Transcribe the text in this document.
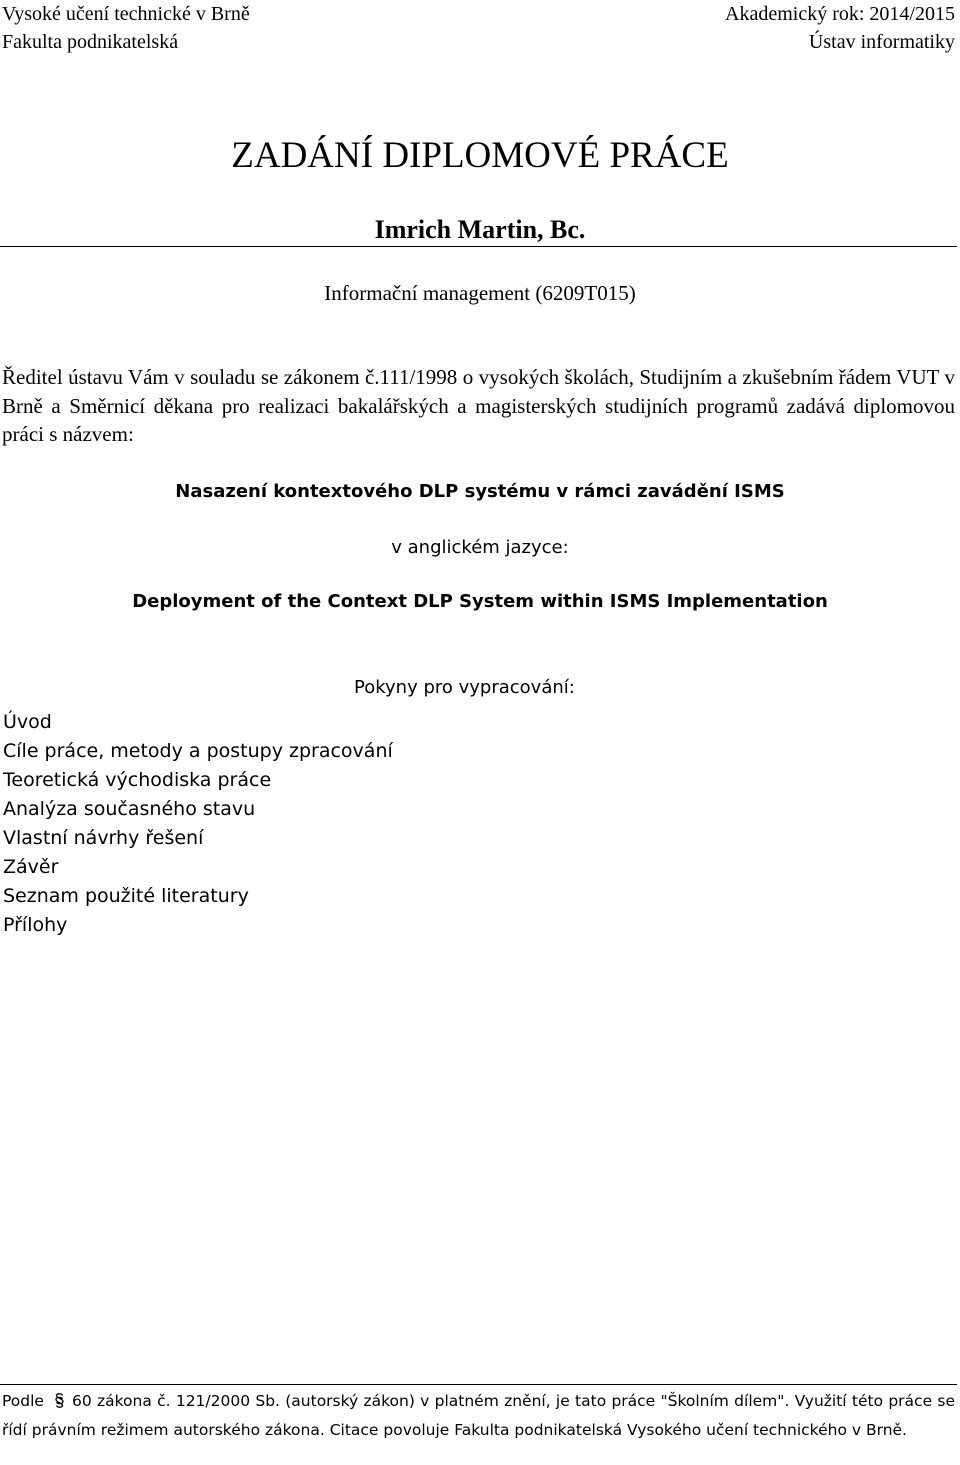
Vysoké učení technické v Brně
Fakulta podnikatelská
Akademický rok: 2014/2015
Ústav informatiky
ZADÁNÍ DIPLOMOVÉ PRÁCE
Imrich Martin, Bc.
Informační management (6209T015)
Ředitel ústavu Vám v souladu se zákonem č.111/1998 o vysokých školách, Studijním a zkušebním řádem VUT v Brně a Směrnicí děkana pro realizaci bakalářských a magisterských studijních programů zadává diplomovou práci s názvem:
Nasazení kontextového DLP systému v rámci zavádění ISMS
v anglickém jazyce:
Deployment of the Context DLP System within ISMS Implementation
Pokyny pro vypracování:
Úvod
Cíle práce, metody a postupy zpracování
Teoretická východiska práce
Analýza současného stavu
Vlastní návrhy řešení
Závěr
Seznam použité literatury
Přílohy
Podle 60 zákona č. 121/2000 Sb. (autorský zákon) v platném znění, je tato práce "Školním dílem". Využití této práce se řídí právním režimem autorského zákona. Citace povoluje Fakulta podnikatelská Vysokého učení technického v Brně.
